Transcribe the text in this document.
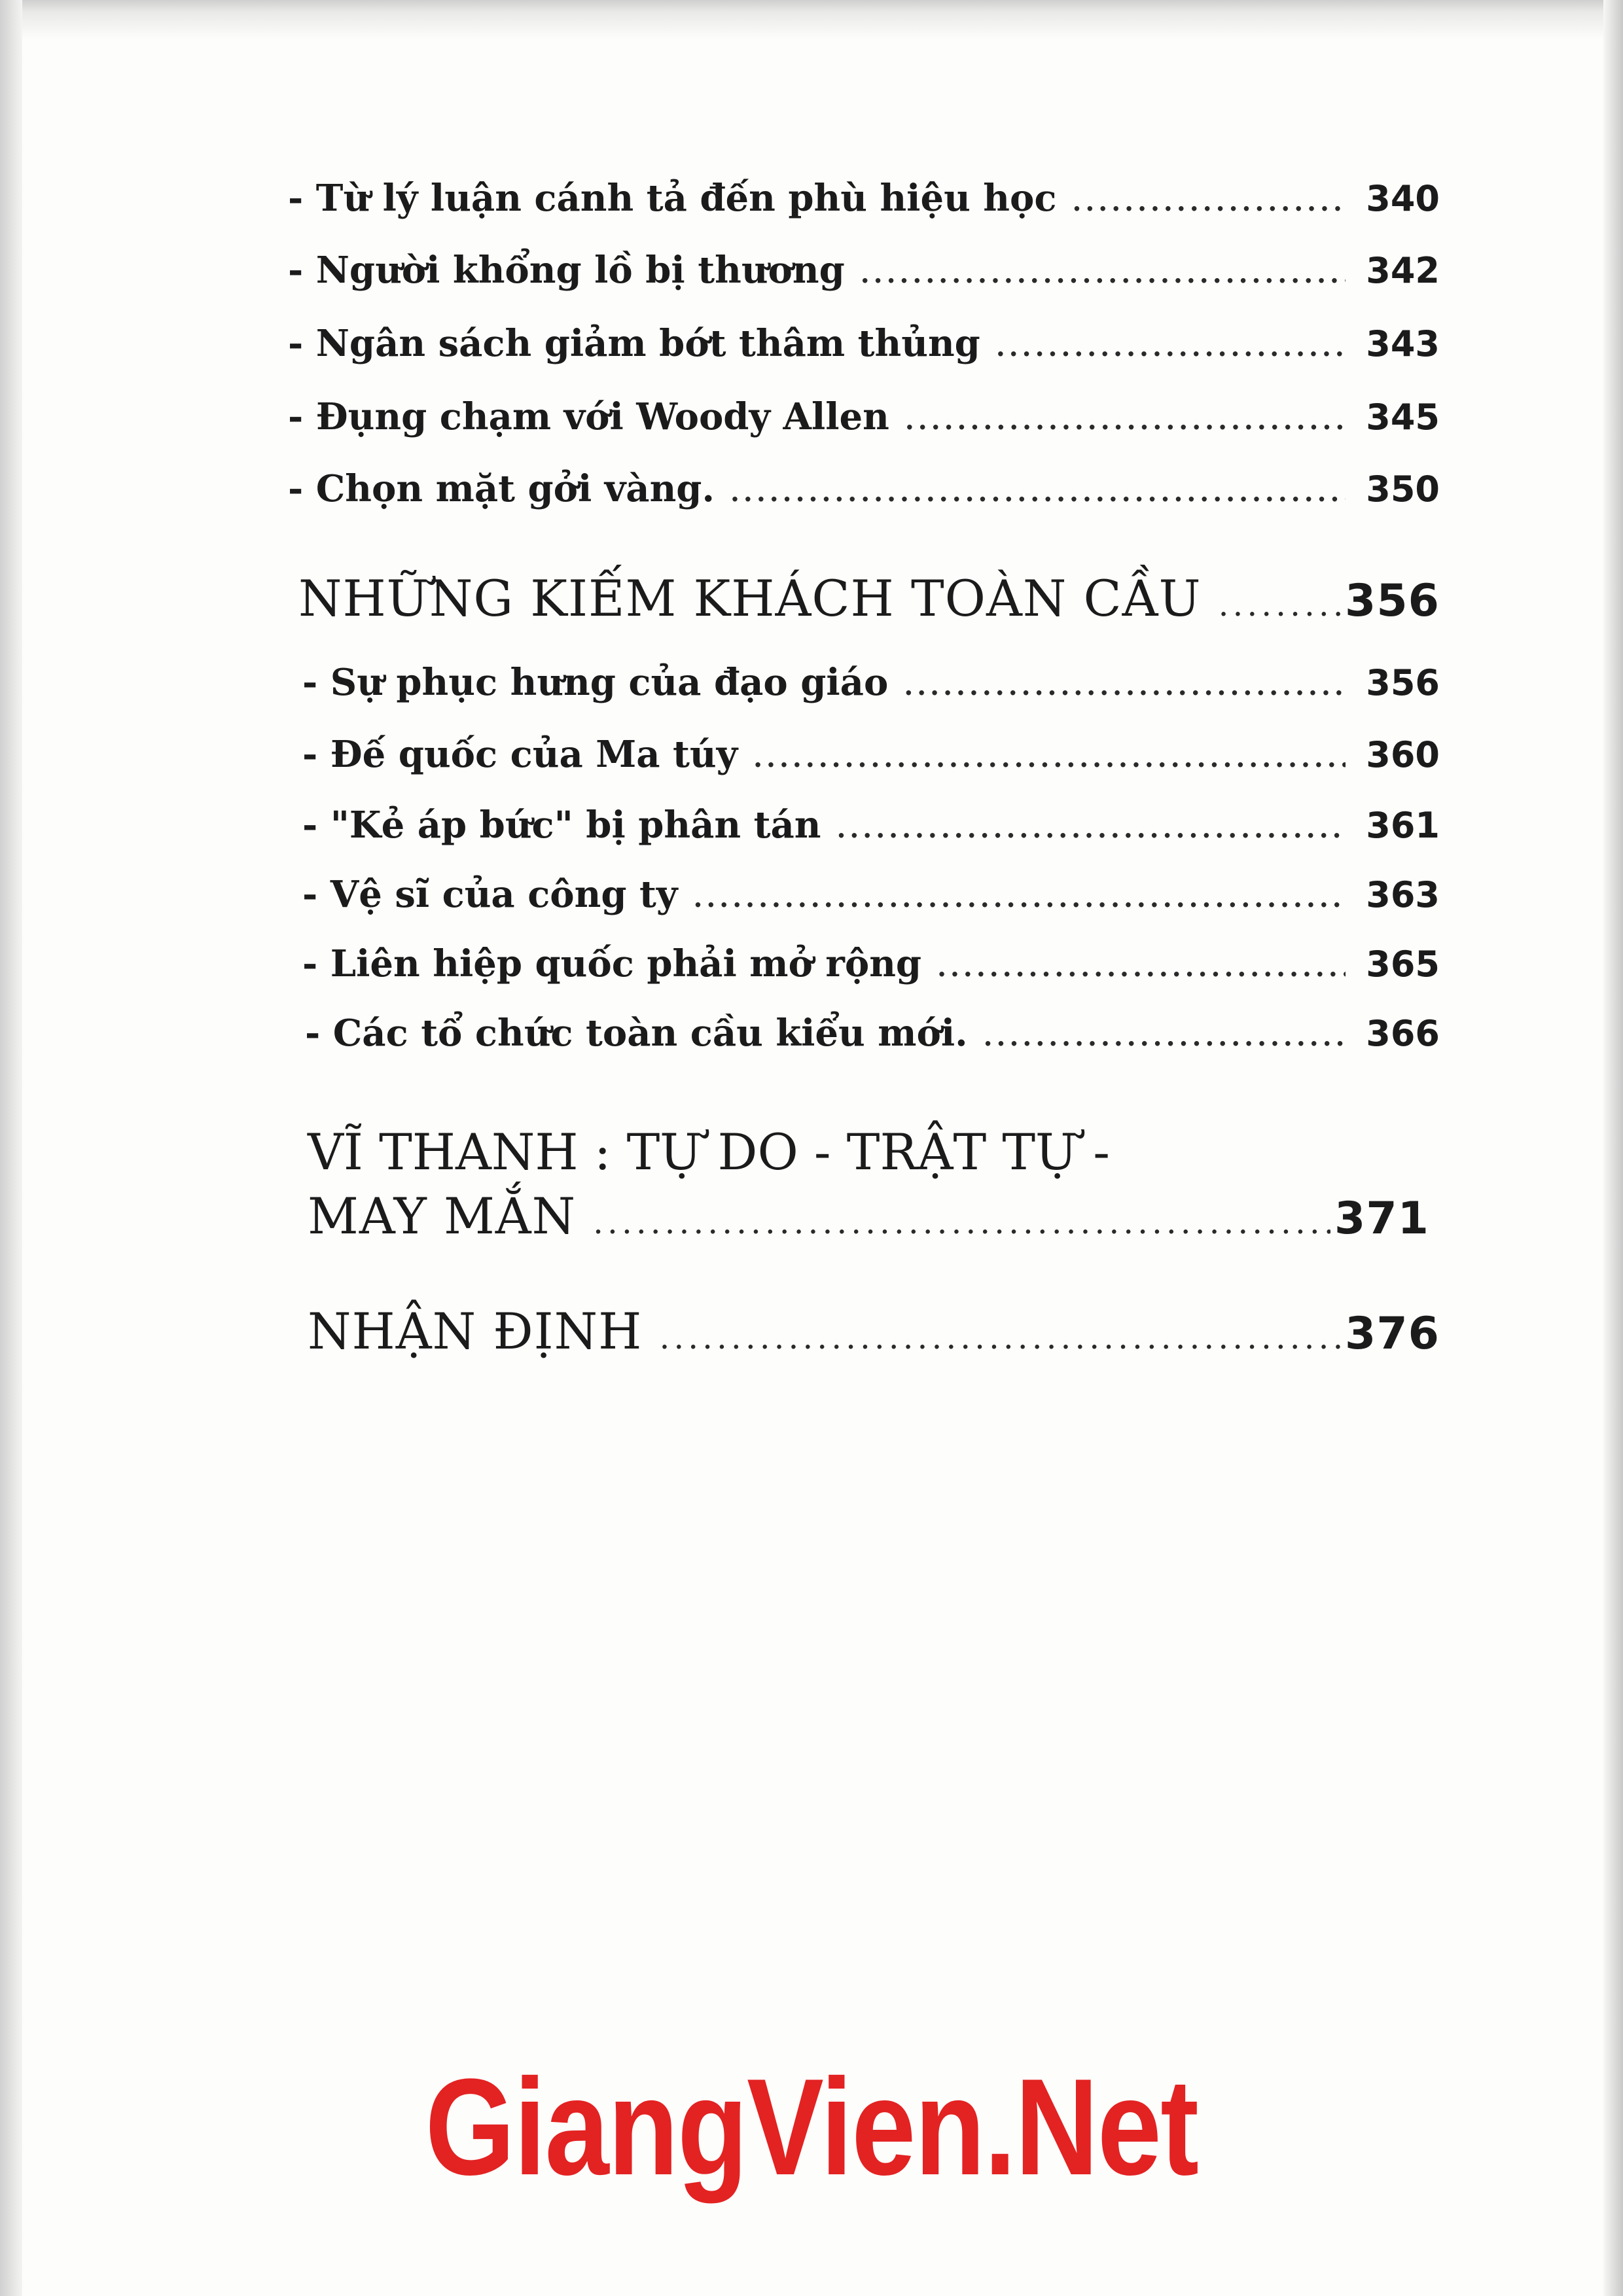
- Từ lý luận cánh tả đến phù hiệu học .....	340
- Người khổng lồ bị thương .....	342
- Ngân sách giảm bớt thâm thủng .....	343
- Đụng chạm với Woody Allen .....	345
- Chọn mặt gởi vàng. .....	350
NHỮNG KIẾM KHÁCH TOÀN CẦU .....	356
- Sự phục hưng của đạo giáo .....	356
- Đế quốc của Ma túy .....	360
- "Kẻ áp bức" bị phân tán .....	361
- Vệ sĩ của công ty .....	363
- Liên hiệp quốc phải mở rộng .....	365
- Các tổ chức toàn cầu kiểu mới. .....	366
VĨ THANH : TỰ DO - TRẬT TỰ -
MAY MẮN .....	371
NHẬN ĐỊNH .....	376
GiangVien.Net
